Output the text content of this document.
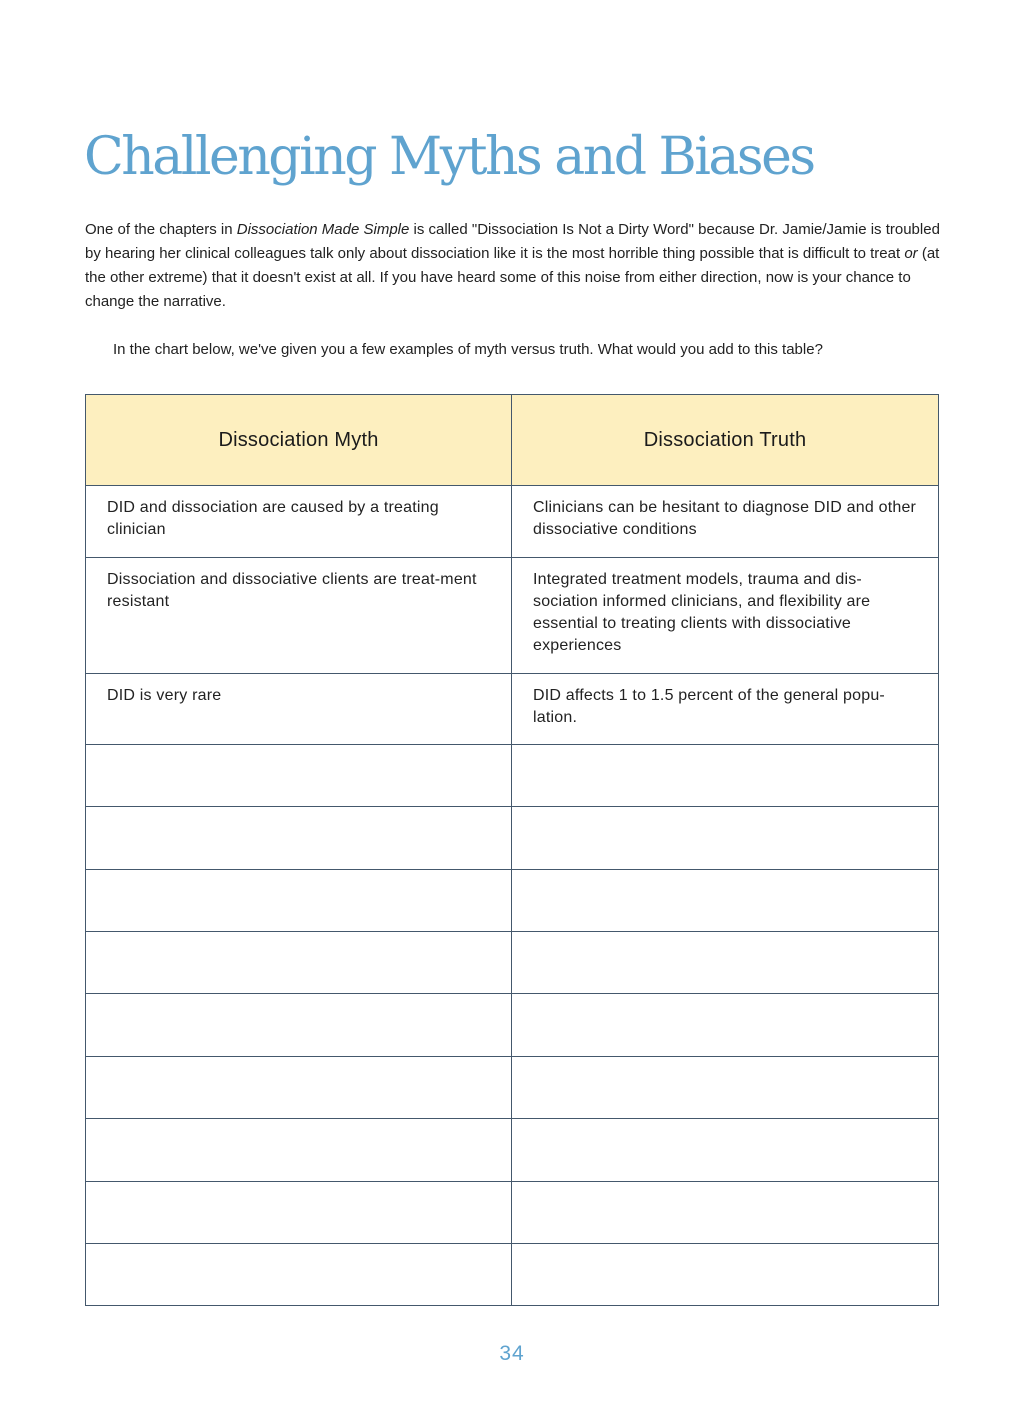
Challenging Myths and Biases

One of the chapters in Dissociation Made Simple is called "Dissociation Is Not a Dirty Word" because Dr. Jamie/Jamie is troubled by hearing her clinical colleagues talk only about dissociation like it is the most horrible thing possible that is difficult to treat or (at the other extreme) that it doesn't exist at all. If you have heard some of this noise from either direction, now is your chance to change the narrative.

In the chart below, we've given you a few examples of myth versus truth. What would you add to this table?

Dissociation Myth	Dissociation Truth
DID and dissociation are caused by a treating clinician
Clinicians can be hesitant to diagnose DID and other dissociative conditions
Dissociation and dissociative clients are treat-ment resistant
Integrated treatment models, trauma and dis-sociation informed clinicians, and flexibility are essential to treating clients with dissociative experiences
DID is very rare	DID affects 1 to 1.5 percent of the general popu-lation.

34
